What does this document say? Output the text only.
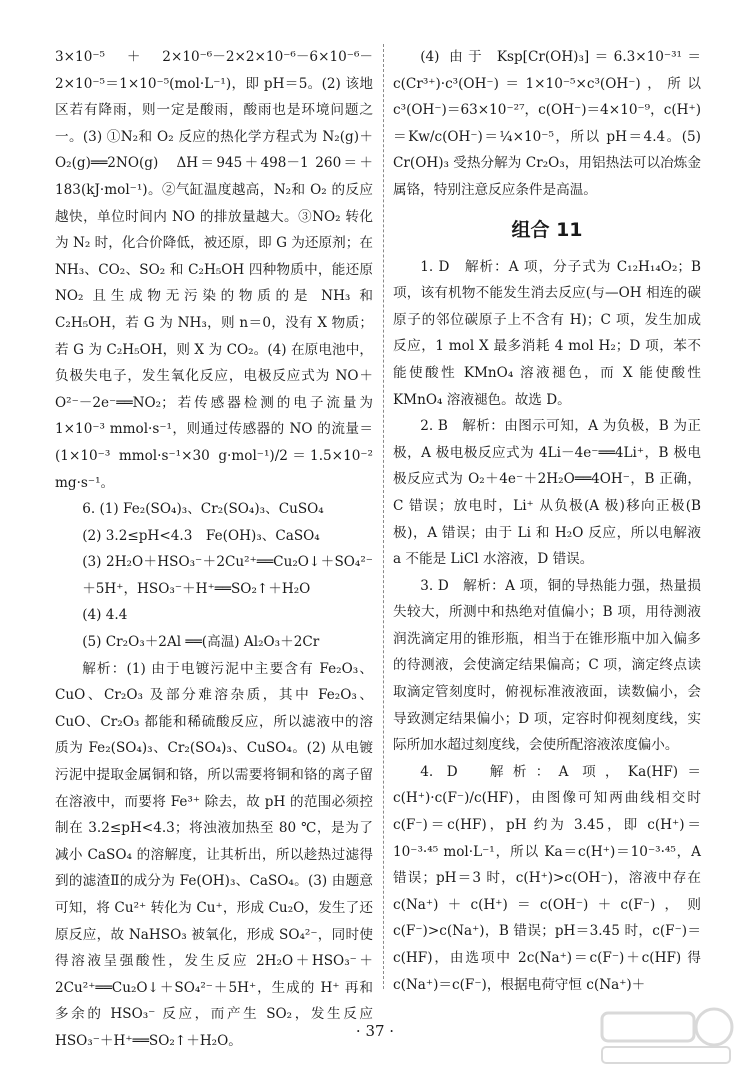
3×10⁻⁵＋2×10⁻⁶－2×2×10⁻⁶－6×10⁻⁶－2×10⁻⁵＝1×10⁻⁵(mol·L⁻¹)，即 pH＝5。(2) 该地区若有降雨，则一定是酸雨，酸雨也是环境问题之一。(3) ①N₂和 O₂ 反应的热化学方程式为 N₂(g)＋O₂(g)══2NO(g)　ΔH＝945＋498－1 260＝＋183(kJ·mol⁻¹)。②气缸温度越高，N₂和 O₂ 的反应越快，单位时间内 NO 的排放量越大。③NO₂ 转化为 N₂ 时，化合价降低，被还原，即 G 为还原剂；在 NH₃、CO₂、SO₂ 和 C₂H₅OH 四种物质中，能还原 NO₂ 且生成物无污染的物质的是 NH₃ 和 C₂H₅OH，若 G 为 NH₃，则 n＝0，没有 X 物质；若 G 为 C₂H₅OH，则 X 为 CO₂。(4) 在原电池中，负极失电子，发生氧化反应，电极反应式为 NO＋O²⁻－2e⁻══NO₂；若传感器检测的电子流量为 1×10⁻³ mmol·s⁻¹，则通过传感器的 NO 的流量＝(1×10⁻³ mmol·s⁻¹×30 g·mol⁻¹)/2＝1.5×10⁻² mg·s⁻¹。

6. (1) Fe₂(SO₄)₃、Cr₂(SO₄)₃、CuSO₄

(2) 3.2≤pH<4.3　Fe(OH)₃、CaSO₄

(3) 2H₂O＋HSO₃⁻＋2Cu²⁺══Cu₂O↓＋SO₄²⁻＋5H⁺，HSO₃⁻＋H⁺══SO₂↑＋H₂O

(4) 4.4

(5) Cr₂O₃＋2Al ══(高温) Al₂O₃＋2Cr

解析：(1) 由于电镀污泥中主要含有 Fe₂O₃、CuO、Cr₂O₃ 及部分难溶杂质，其中 Fe₂O₃、CuO、Cr₂O₃ 都能和稀硫酸反应，所以滤液中的溶质为 Fe₂(SO₄)₃、Cr₂(SO₄)₃、CuSO₄。(2) 从电镀污泥中提取金属铜和铬，所以需要将铜和铬的离子留在溶液中，而要将 Fe³⁺ 除去，故 pH 的范围必须控制在 3.2≤pH<4.3；将浊液加热至 80 ℃，是为了减小 CaSO₄ 的溶解度，让其析出，所以趁热过滤得到的滤渣Ⅱ的成分为 Fe(OH)₃、CaSO₄。(3) 由题意可知，将 Cu²⁺ 转化为 Cu⁺，形成 Cu₂O，发生了还原反应，故 NaHSO₃ 被氧化，形成 SO₄²⁻，同时使得溶液呈强酸性，发生反应 2H₂O＋HSO₃⁻＋2Cu²⁺══Cu₂O↓＋SO₄²⁻＋5H⁺，生成的 H⁺ 再和多余的 HSO₃⁻ 反应，而产生 SO₂，发生反应 HSO₃⁻＋H⁺══SO₂↑＋H₂O。

(4) 由于 Ksp[Cr(OH)₃]＝6.3×10⁻³¹＝c(Cr³⁺)·c³(OH⁻)＝1×10⁻⁵×c³(OH⁻)，所以 c³(OH⁻)＝63×10⁻²⁷，c(OH⁻)＝4×10⁻⁹，c(H⁺)＝Kw/c(OH⁻)＝¼×10⁻⁵，所以 pH＝4.4。(5) Cr(OH)₃ 受热分解为 Cr₂O₃，用铝热法可以冶炼金属铬，特别注意反应条件是高温。

组合 11

1. D　解析：A 项，分子式为 C₁₂H₁₄O₂；B 项，该有机物不能发生消去反应(与—OH 相连的碳原子的邻位碳原子上不含有 H)；C 项，发生加成反应，1 mol X 最多消耗 4 mol H₂；D 项，苯不能使酸性 KMnO₄ 溶液褪色，而 X 能使酸性 KMnO₄ 溶液褪色。故选 D。

2. B　解析：由图示可知，A 为负极，B 为正极，A 极电极反应式为 4Li－4e⁻══4Li⁺，B 极电极反应式为 O₂＋4e⁻＋2H₂O══4OH⁻，B 正确，C 错误；放电时，Li⁺ 从负极(A 极)移向正极(B 极)，A 错误；由于 Li 和 H₂O 反应，所以电解液 a 不能是 LiCl 水溶液，D 错误。

3. D　解析：A 项，铜的导热能力强，热量损失较大，所测中和热绝对值偏小；B 项，用待测液润洗滴定用的锥形瓶，相当于在锥形瓶中加入偏多的待测液，会使滴定结果偏高；C 项，滴定终点读取滴定管刻度时，俯视标准液液面，读数偏小，会导致测定结果偏小；D 项，定容时仰视刻度线，实际所加水超过刻度线，会使所配溶液浓度偏小。

4. D　解析：A 项，Ka(HF)＝c(H⁺)·c(F⁻)/c(HF)，由图像可知两曲线相交时 c(F⁻)＝c(HF)，pH 约为 3.45，即 c(H⁺)＝10⁻³·⁴⁵ mol·L⁻¹，所以 Ka＝c(H⁺)＝10⁻³·⁴⁵，A 错误；pH＝3 时，c(H⁺)>c(OH⁻)，溶液中存在 c(Na⁺)＋c(H⁺)＝c(OH⁻)＋c(F⁻)，则 c(F⁻)>c(Na⁺)，B 错误；pH＝3.45 时，c(F⁻)＝c(HF)，由选项中 2c(Na⁺)＝c(F⁻)＋c(HF) 得 c(Na⁺)＝c(F⁻)，根据电荷守恒 c(Na⁺)＋

· 37 ·
